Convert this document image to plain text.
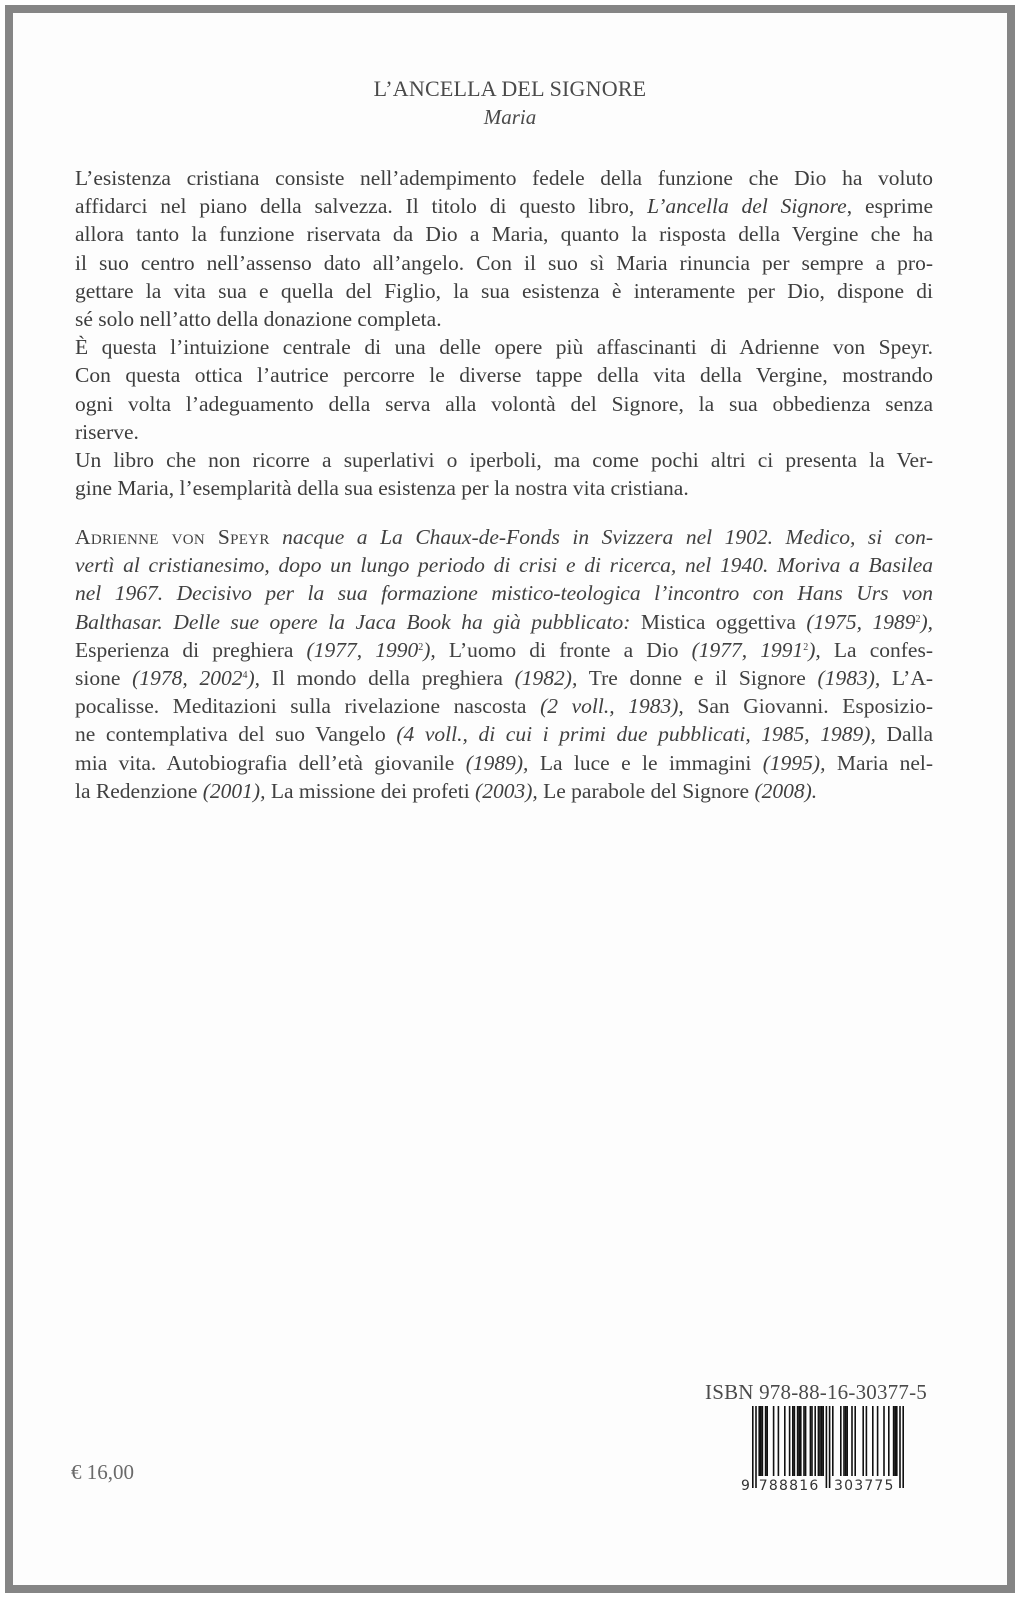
L’ANCELLA DEL SIGNORE
Maria
L’esistenza cristiana consiste nell’adempimento fedele della funzione che Dio ha voluto
affidarci nel piano della salvezza. Il titolo di questo libro, L’ancella del Signore, esprime
allora tanto la funzione riservata da Dio a Maria, quanto la risposta della Vergine che ha
il suo centro nell’assenso dato all’angelo. Con il suo sì Maria rinuncia per sempre a pro-
gettare la vita sua e quella del Figlio, la sua esistenza è interamente per Dio, dispone di
sé solo nell’atto della donazione completa.
È questa l’intuizione centrale di una delle opere più affascinanti di Adrienne von Speyr.
Con questa ottica l’autrice percorre le diverse tappe della vita della Vergine, mostrando
ogni volta l’adeguamento della serva alla volontà del Signore, la sua obbedienza senza
riserve.
Un libro che non ricorre a superlativi o iperboli, ma come pochi altri ci presenta la Ver-
gine Maria, l’esemplarità della sua esistenza per la nostra vita cristiana.
Adrienne von Speyr nacque a La Chaux-de-Fonds in Svizzera nel 1902. Medico, si con-
vertì al cristianesimo, dopo un lungo periodo di crisi e di ricerca, nel 1940. Moriva a Basilea
nel 1967. Decisivo per la sua formazione mistico-teologica l’incontro con Hans Urs von
Balthasar. Delle sue opere la Jaca Book ha già pubblicato: Mistica oggettiva (1975, 1989$^2$),
Esperienza di preghiera (1977, 1990$^2$), L’uomo di fronte a Dio (1977, 1991$^2$), La confes-
sione (1978, 2002$^4$), Il mondo della preghiera (1982), Tre donne e il Signore (1983), L’A-
pocalisse. Meditazioni sulla rivelazione nascosta (2 voll., 1983), San Giovanni. Esposizio-
ne contemplativa del suo Vangelo (4 voll., di cui i primi due pubblicati, 1985, 1989), Dalla
mia vita. Autobiografia dell’età giovanile (1989), La luce e le immagini (1995), Maria nel-
la Redenzione (2001), La missione dei profeti (2003), Le parabole del Signore (2008).
ISBN 978-88-16-30377-5
9 788816 303775
€ 16,00
